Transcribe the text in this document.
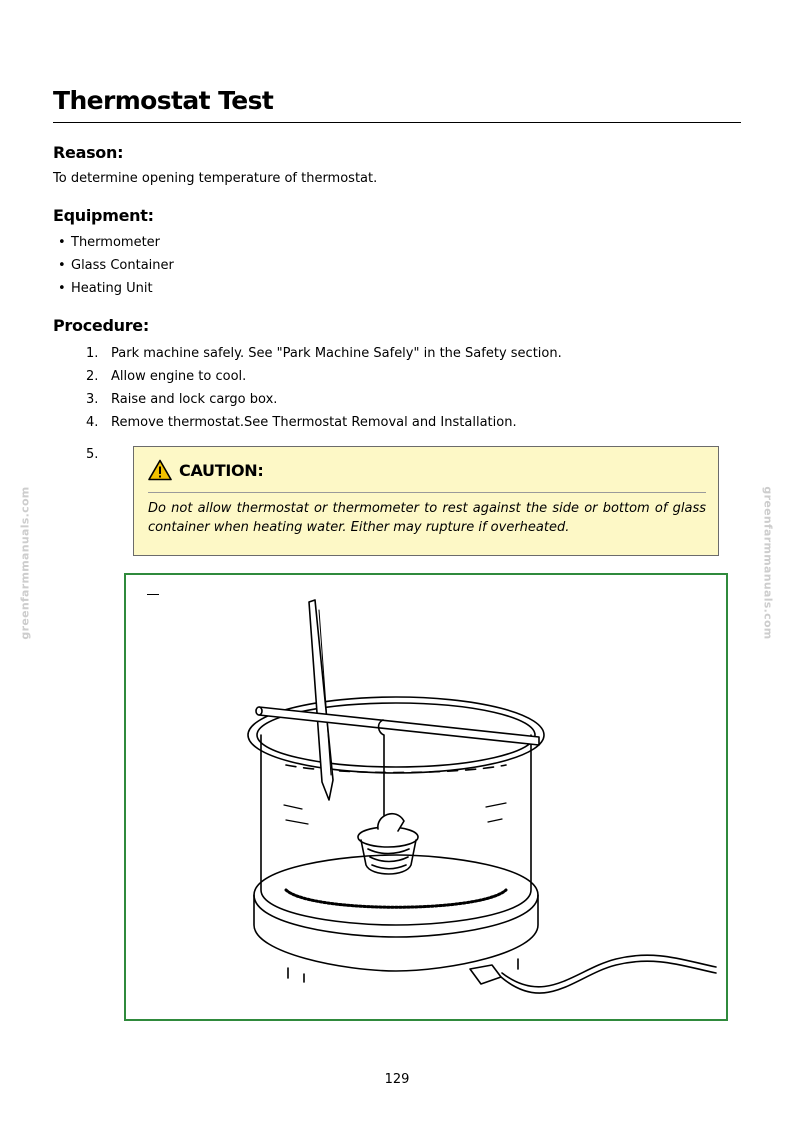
Thermostat Test
Reason:

To determine opening temperature of thermostat.

Equipment:
• Thermometer
• Glass Container
• Heating Unit
Procedure:
1. Park machine safely. See "Park Machine Safely" in the Safety section.
2. Allow engine to cool.
3. Raise and lock cargo box.
4. Remove thermostat.See Thermostat Removal and Installation.
5.
CAUTION:

Do not allow thermostat or thermometer to rest against the side or bottom of glass container when heating water. Either may rupture if overheated.

greenfarmmanuals.com	greenfarmmanuals.com
129
